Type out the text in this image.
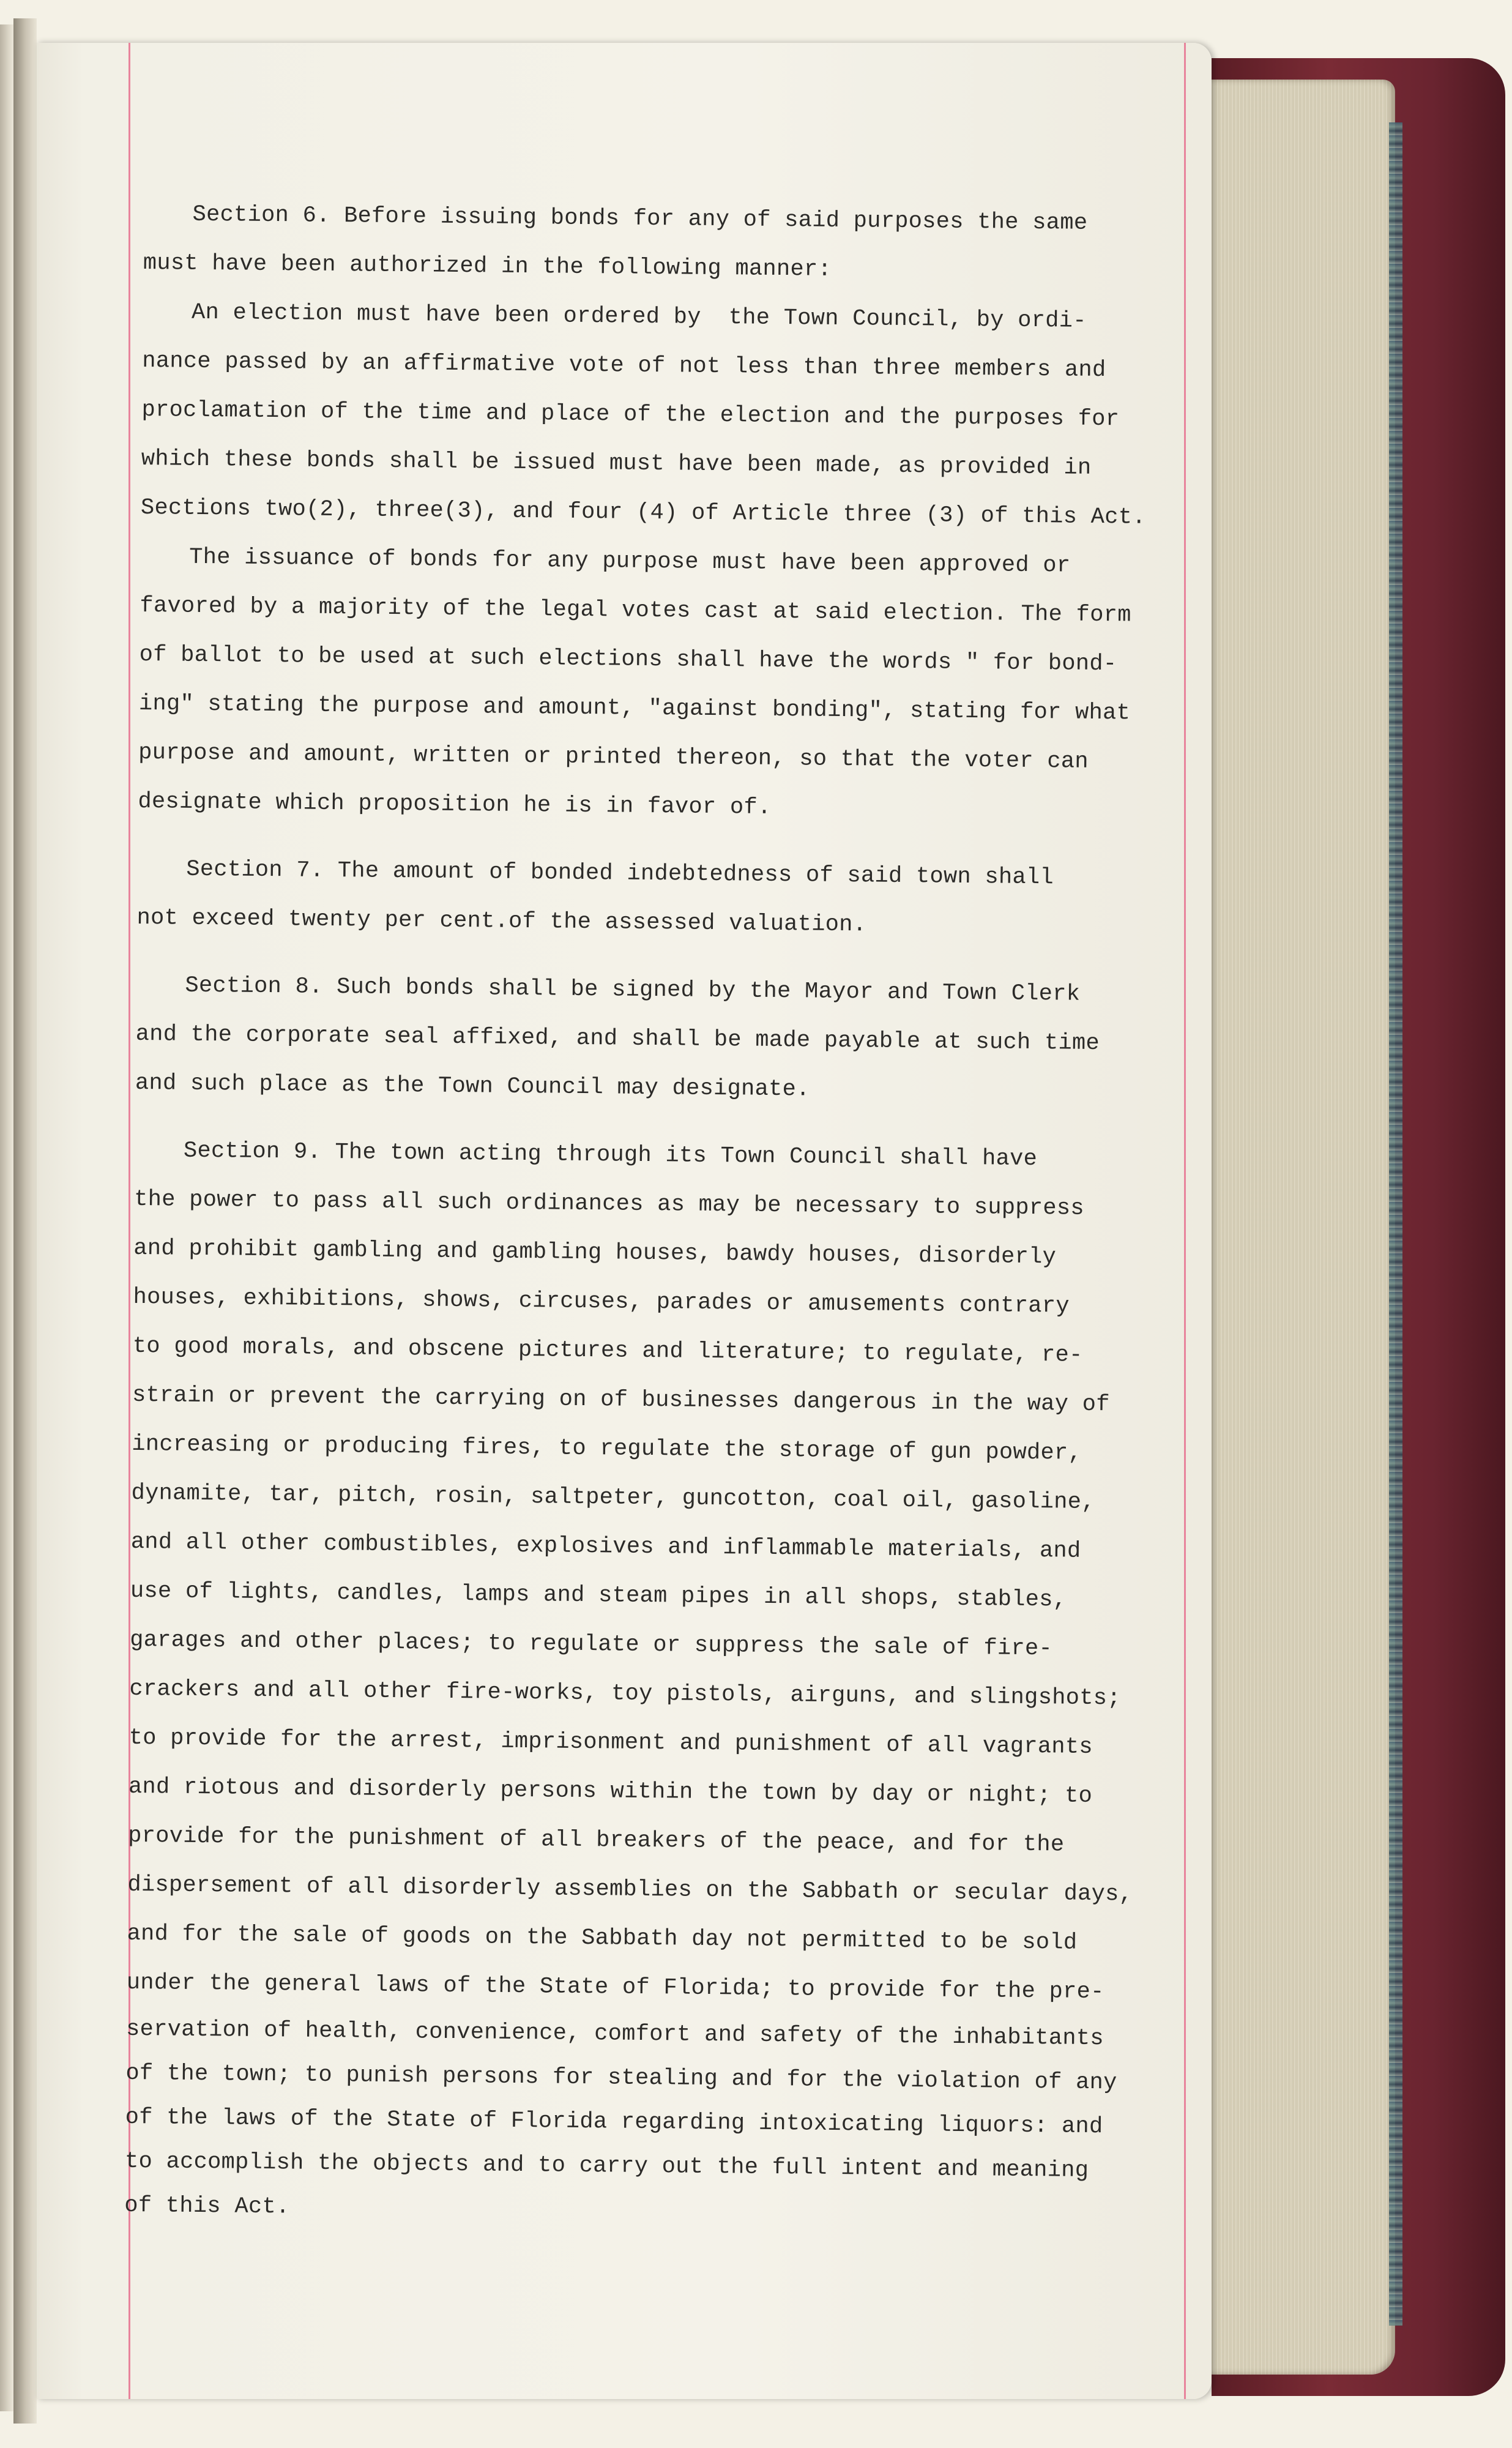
Section 6. Before issuing bonds for any of said purposes the same
must have been authorized in the following manner:
An election must have been ordered by  the Town Council, by ordi-
nance passed by an affirmative vote of not less than three members and
proclamation of the time and place of the election and the purposes for
which these bonds shall be issued must have been made, as provided in
Sections two(2), three(3), and four (4) of Article three (3) of this Act.
The issuance of bonds for any purpose must have been approved or
favored by a majority of the legal votes cast at said election. The form
of ballot to be used at such elections shall have the words " for bond-
ing" stating the purpose and amount, "against bonding", stating for what
purpose and amount, written or printed thereon, so that the voter can
designate which proposition he is in favor of.
Section 7. The amount of bonded indebtedness of said town shall
not exceed twenty per cent.of the assessed valuation.
Section 8. Such bonds shall be signed by the Mayor and Town Clerk
and the corporate seal affixed, and shall be made payable at such time
and such place as the Town Council may designate.
Section 9. The town acting through its Town Council shall have
the power to pass all such ordinances as may be necessary to suppress
and prohibit gambling and gambling houses, bawdy houses, disorderly
houses, exhibitions, shows, circuses, parades or amusements contrary
to good morals, and obscene pictures and literature; to regulate, re-
strain or prevent the carrying on of businesses dangerous in the way of
increasing or producing fires, to regulate the storage of gun powder,
dynamite, tar, pitch, rosin, saltpeter, guncotton, coal oil, gasoline,
and all other combustibles, explosives and inflammable materials, and
use of lights, candles, lamps and steam pipes in all shops, stables,
garages and other places; to regulate or suppress the sale of fire-
crackers and all other fire-works, toy pistols, airguns, and slingshots;
to provide for the arrest, imprisonment and punishment of all vagrants
and riotous and disorderly persons within the town by day or night; to
provide for the punishment of all breakers of the peace, and for the
dispersement of all disorderly assemblies on the Sabbath or secular days,
and for the sale of goods on the Sabbath day not permitted to be sold
under the general laws of the State of Florida; to provide for the pre-
servation of health, convenience, comfort and safety of the inhabitants
of the town; to punish persons for stealing and for the violation of any
of the laws of the State of Florida regarding intoxicating liquors: and
to accomplish the objects and to carry out the full intent and meaning
of this Act.
